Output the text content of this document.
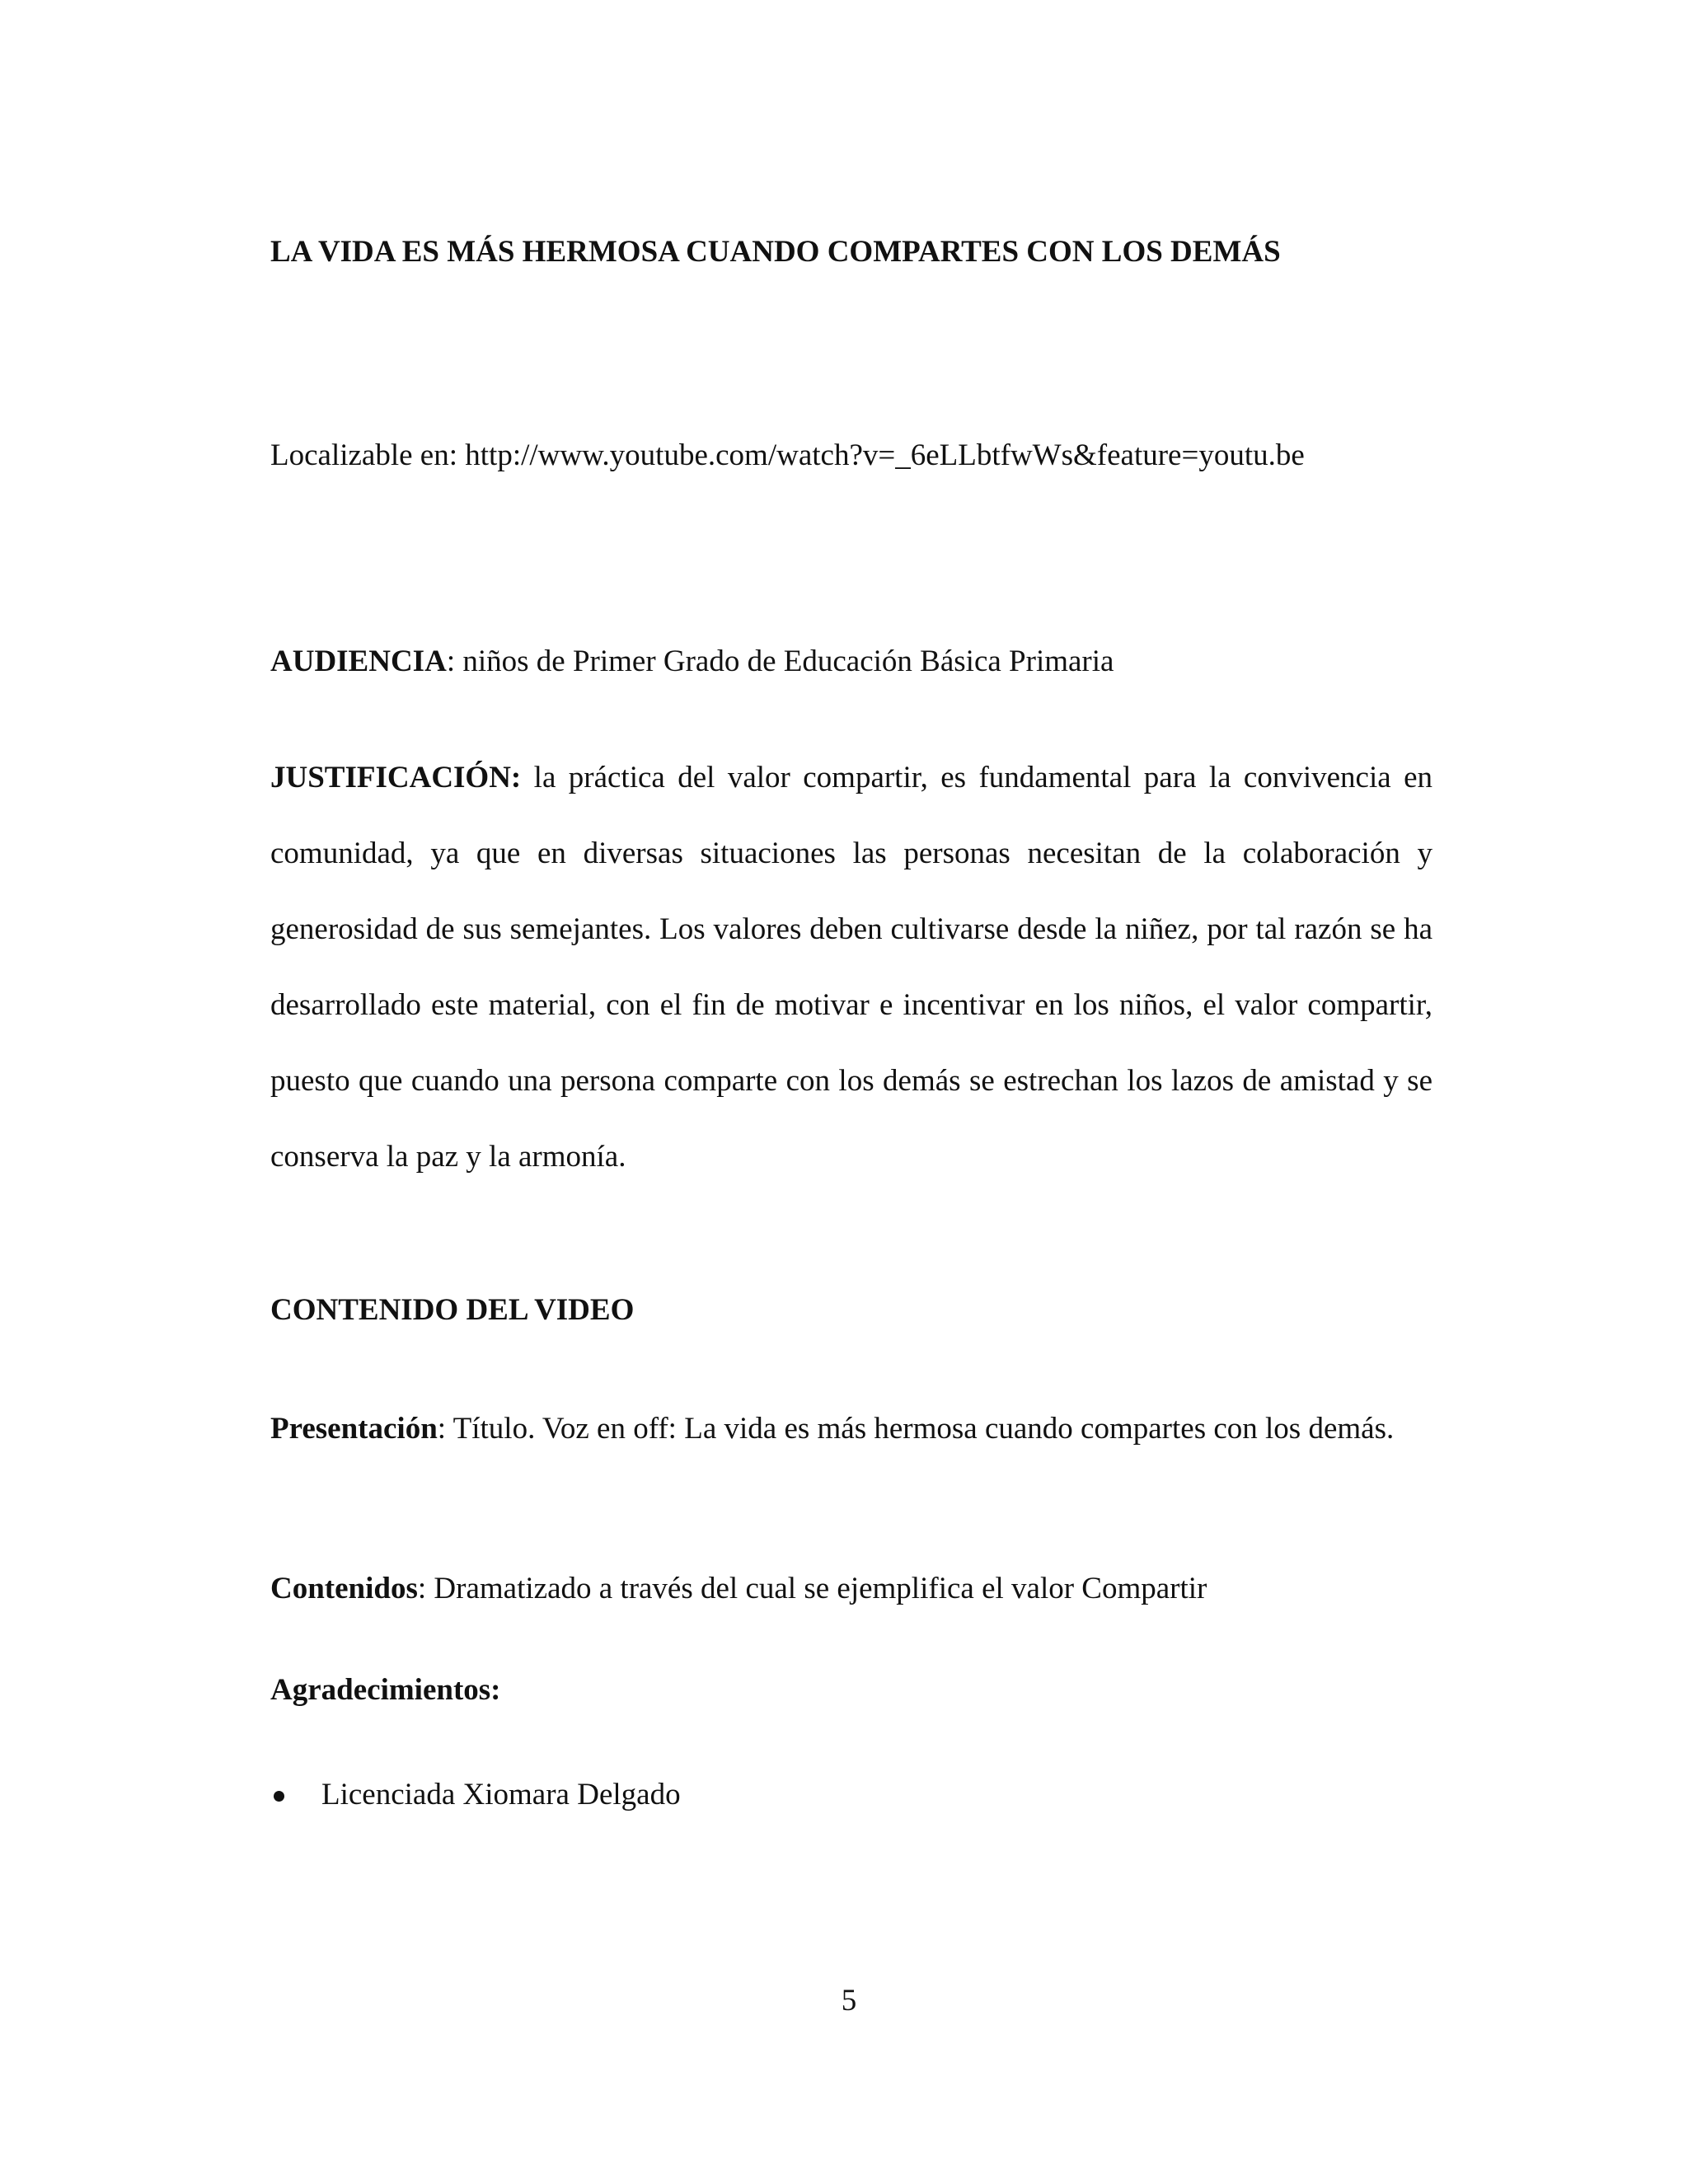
LA VIDA ES MÁS HERMOSA CUANDO COMPARTES CON LOS DEMÁS
Localizable en: http://www.youtube.com/watch?v=_6eLLbtfwWs&feature=youtu.be
AUDIENCIA: niños de Primer Grado de Educación Básica Primaria
JUSTIFICACIÓN: la práctica del valor compartir, es fundamental para la convivencia en comunidad, ya que en diversas situaciones las personas necesitan de la colaboración y generosidad de sus semejantes. Los valores deben cultivarse desde la niñez, por tal razón se ha desarrollado este material, con el fin de motivar e incentivar en los niños, el valor compartir, puesto que cuando una persona comparte con los demás se estrechan los lazos de amistad y se conserva la paz y la armonía.
CONTENIDO DEL VIDEO
Presentación: Título. Voz en off: La vida es más hermosa cuando compartes con los demás.
Contenidos: Dramatizado a través del cual se ejemplifica el valor Compartir
Agradecimientos:
Licenciada Xiomara Delgado
5
